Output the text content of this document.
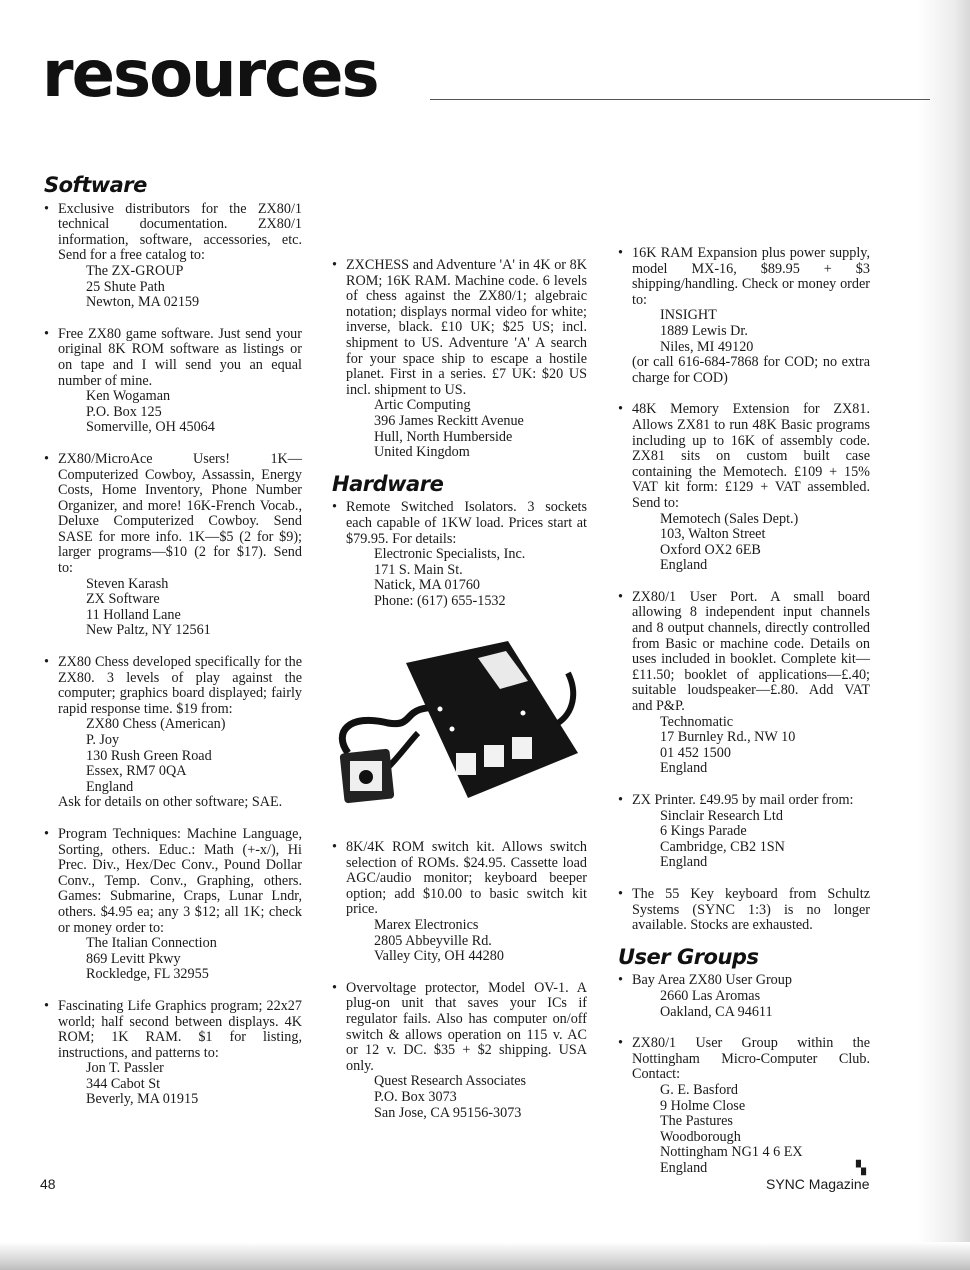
resources
Software

• Exclusive distributors for the ZX80/1 technical documentation. ZX80/1 information, software, accessories, etc. Send for a free catalog to:

The ZX-GROUP
25 Shute Path
Newton, MA 02159

• Free ZX80 game software. Just send your original 8K ROM software as listings or on tape and I will send you an equal number of mine.

Ken Wogaman
P.O. Box 125
Somerville, OH 45064

• ZX80/MicroAce Users! 1K—Computerized Cowboy, Assassin, Energy Costs, Home Inventory, Phone Number Organizer, and more! 16K-French Vocab., Deluxe Computerized Cowboy. Send SASE for more info. 1K—$5 (2 for $9); larger programs—$10 (2 for $17). Send to:

Steven Karash
ZX Software
11 Holland Lane
New Paltz, NY 12561

• ZX80 Chess developed specifically for the ZX80. 3 levels of play against the computer; graphics board displayed; fairly rapid response time. $19 from:

ZX80 Chess (American)
P. Joy
130 Rush Green Road
Essex, RM7 0QA
England

Ask for details on other software; SAE.

• Program Techniques: Machine Language, Sorting, others. Educ.: Math (+-x/), Hi Prec. Div., Hex/Dec Conv., Pound Dollar Conv., Temp. Conv., Graphing, others. Games: Submarine, Craps, Lunar Lndr, others. $4.95 ea; any 3 $12; all 1K; check or money order to:

The Italian Connection
869 Levitt Pkwy
Rockledge, FL 32955

• Fascinating Life Graphics program; 22x27 world; half second between displays. 4K ROM; 1K RAM. $1 for listing, instructions, and patterns to:

Jon T. Passler
344 Cabot St
Beverly, MA 01915

• ZXCHESS and Adventure 'A' in 4K or 8K ROM; 16K RAM. Machine code. 6 levels of chess against the ZX80/1; algebraic notation; displays normal video for white; inverse, black. £10 UK; $25 US; incl. shipment to US. Adventure 'A' A search for your space ship to escape a hostile planet. First in a series. £7 UK: $20 US incl. shipment to US.

Artic Computing
396 James Reckitt Avenue
Hull, North Humberside
United Kingdom
Hardware

• Remote Switched Isolators. 3 sockets each capable of 1KW load. Prices start at $79.95. For details:

Electronic Specialists, Inc.
171 S. Main St.
Natick, MA 01760
Phone: (617) 655-1532

• 8K/4K ROM switch kit. Allows switch selection of ROMs. $24.95. Cassette load AGC/audio monitor; keyboard beeper option; add $10.00 to basic switch kit price.

Marex Electronics
2805 Abbeyville Rd.
Valley City, OH 44280

• Overvoltage protector, Model OV-1. A plug-on unit that saves your ICs if regulator fails. Also has computer on/off switch & allows operation on 115 v. AC or 12 v. DC. $35 + $2 shipping. USA only.

Quest Research Associates
P.O. Box 3073
San Jose, CA 95156-3073

• 16K RAM Expansion plus power supply, model MX-16, $89.95 + $3 shipping/handling. Check or money order to:

INSIGHT
1889 Lewis Dr.
Niles, MI 49120

(or call 616-684-7868 for COD; no extra charge for COD)

• 48K Memory Extension for ZX81. Allows ZX81 to run 48K Basic programs including up to 16K of assembly code. ZX81 sits on custom built case containing the Memotech. £109 + 15% VAT kit form: £129 + VAT assembled. Send to:

Memotech (Sales Dept.)
103, Walton Street
Oxford OX2 6EB
England

• ZX80/1 User Port. A small board allowing 8 independent input channels and 8 output channels, directly controlled from Basic or machine code. Details on uses included in booklet. Complete kit—£11.50; booklet of applications—£.40; suitable loudspeaker—£.80. Add VAT and P&P.

Technomatic
17 Burnley Rd., NW 10
01 452 1500
England

• ZX Printer. £49.95 by mail order from:

Sinclair Research Ltd
6 Kings Parade
Cambridge, CB2 1SN
England

• The 55 Key keyboard from Schultz Systems (SYNC 1:3) is no longer available. Stocks are exhausted.

User Groups

• Bay Area ZX80 User Group

2660 Las Aromas
Oakland, CA 94611

• ZX80/1 User Group within the Nottingham Micro-Computer Club. Contact:

G. E. Basford
9 Holme Close
The Pastures
Woodborough
Nottingham NG1 4 6 EX
England	▚
48	SYNC Magazine
